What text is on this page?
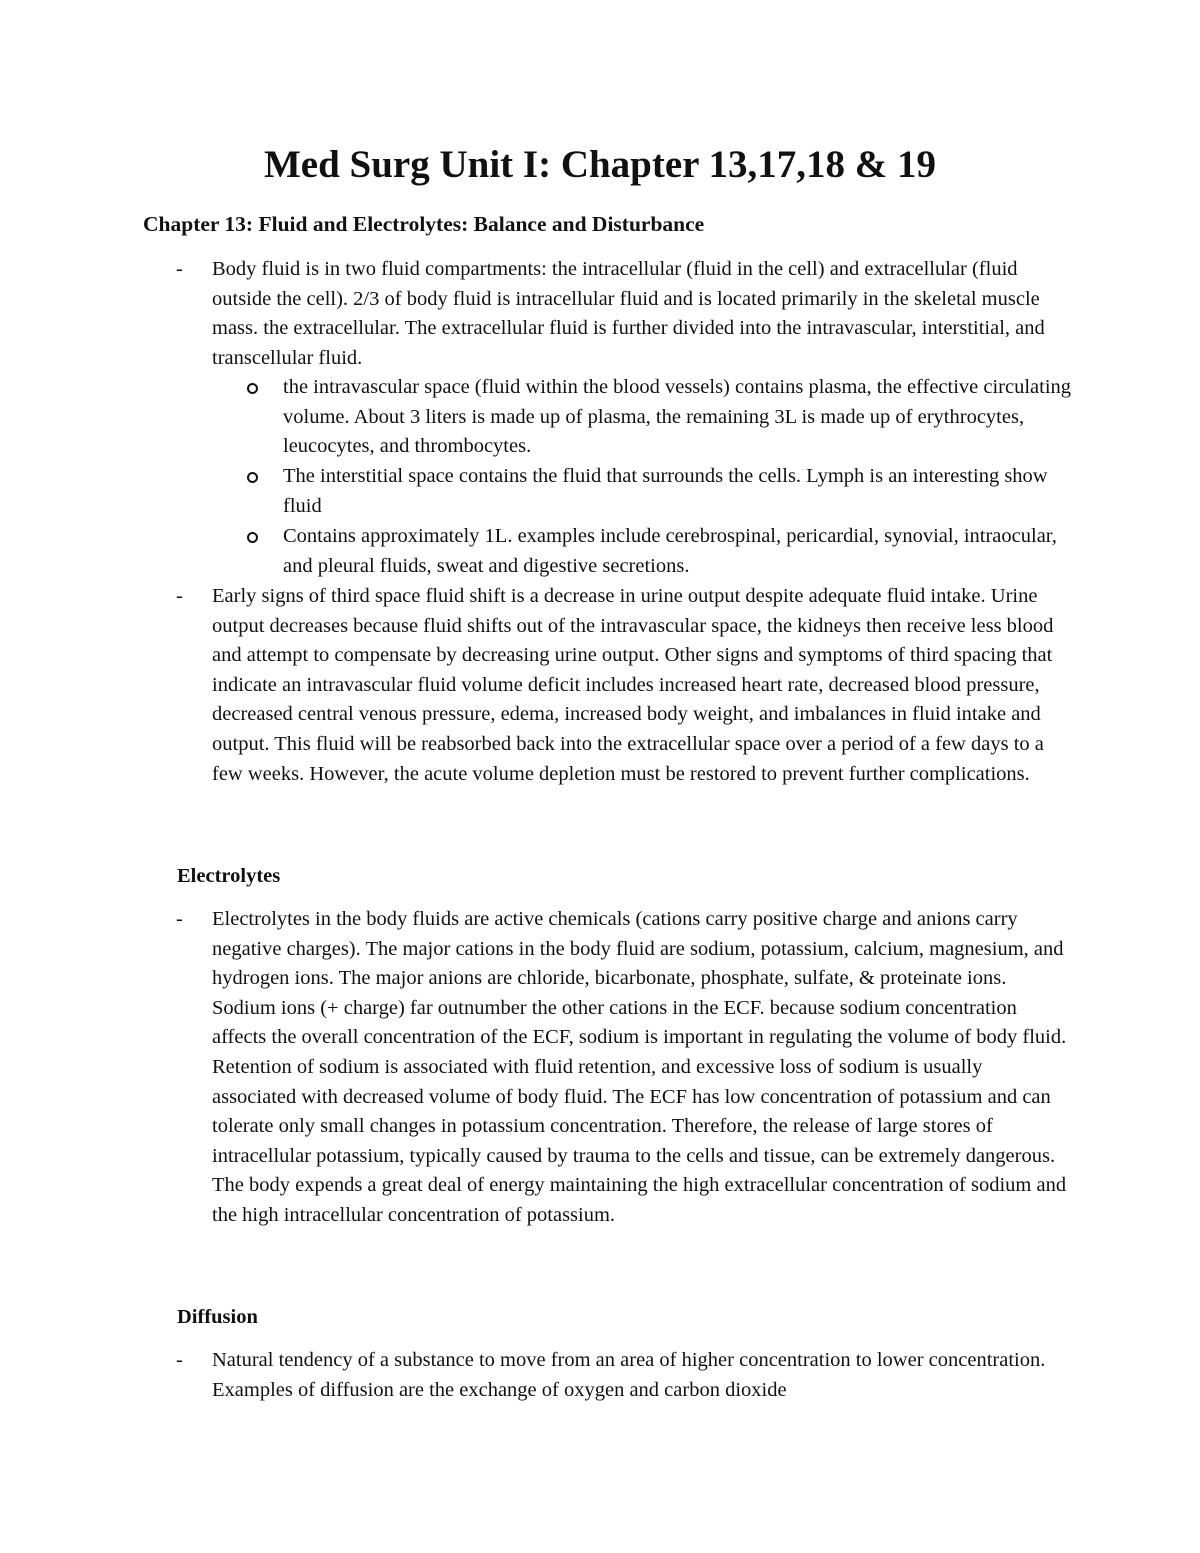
Med Surg Unit I: Chapter 13,17,18 & 19
Chapter 13: Fluid and Electrolytes: Balance and Disturbance
- Body fluid is in two fluid compartments: the intracellular (fluid in the cell) and extracellular (fluid outside the cell). 2/3 of body fluid is intracellular fluid and is located primarily in the skeletal muscle mass. the extracellular. The extracellular fluid is further divided into the intravascular, interstitial, and transcellular fluid.

the intravascular space (fluid within the blood vessels) contains plasma, the effective circulating volume. About 3 liters is made up of plasma, the remaining 3L is made up of erythrocytes, leucocytes, and thrombocytes.

The interstitial space contains the fluid that surrounds the cells. Lymph is an interesting show fluid

Contains approximately 1L. examples include cerebrospinal, pericardial, synovial, intraocular, and pleural fluids, sweat and digestive secretions.

- Early signs of third space fluid shift is a decrease in urine output despite adequate fluid intake. Urine output decreases because fluid shifts out of the intravascular space, the kidneys then receive less blood and attempt to compensate by decreasing urine output. Other signs and symptoms of third spacing that indicate an intravascular fluid volume deficit includes increased heart rate, decreased blood pressure, decreased central venous pressure, edema, increased body weight, and imbalances in fluid intake and output. This fluid will be reabsorbed back into the extracellular space over a period of a few days to a few weeks. However, the acute volume depletion must be restored to prevent further complications.

Electrolytes
- Electrolytes in the body fluids are active chemicals (cations carry positive charge and anions carry negative charges). The major cations in the body fluid are sodium, potassium, calcium, magnesium, and hydrogen ions. The major anions are chloride, bicarbonate, phosphate, sulfate, & proteinate ions. Sodium ions (+ charge) far outnumber the other cations in the ECF. because sodium concentration affects the overall concentration of the ECF, sodium is important in regulating the volume of body fluid. Retention of sodium is associated with fluid retention, and excessive loss of sodium is usually associated with decreased volume of body fluid. The ECF has low concentration of potassium and can tolerate only small changes in potassium concentration. Therefore, the release of large stores of intracellular potassium, typically caused by trauma to the cells and tissue, can be extremely dangerous. The body expends a great deal of energy maintaining the high extracellular concentration of sodium and the high intracellular concentration of potassium.

Diffusion
- Natural tendency of a substance to move from an area of higher concentration to lower concentration. Examples of diffusion are the exchange of oxygen and carbon dioxide
